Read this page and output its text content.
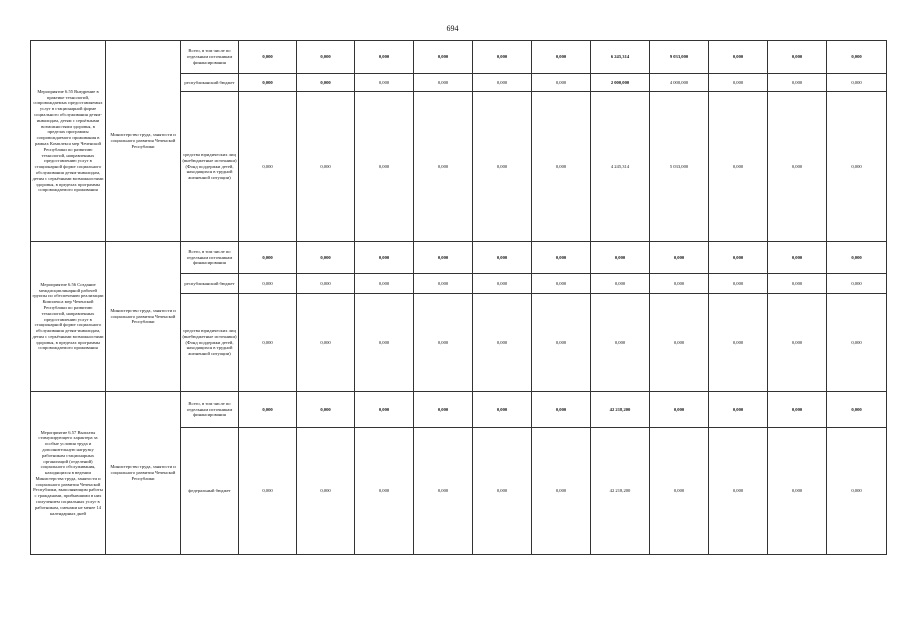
694
Мероприятие 6.55 Внедрение в практике технологий, сопровождаемых предоставляемых услуг в стационарной форме социального обслуживания детям-инвалидам, детям с серьёзными возможностями здоровья, в пределах программы сопровождаемого проживания в рамках Комплекса мер Чеченской Республики по развитию технологий, направленных предоставлению услуг в стационарной форме социального обслуживания детям-инвалидам, детям с серьёзными возможностями здоровья, в пределах программы сопровождаемого проживания	Министерство труда, занятости и социального развития Чеченской Республики	Всего, в том числе по отдельным источникам финансирования	0,000	0,000	0,000	0,000	0,000	0,000	6 245,314	9 033,000	0,000	0,000	0,000
		республиканский бюджет	0,000	0,000	0,000	0,000	0,000	0,000	2 000,000	4 000,000	0,000	0,000	0,000
		средства юридических лиц (внебюджетные источники) (Фонд поддержки детей, находящихся в трудной жизненной ситуации)	0,000	0,000	0,000	0,000	0,000	0,000	4 245,314	5 033,000	0,000	0,000	0,000
Мероприятие 6.56 Создание междисциплинарной рабочей группы по обеспечению реализации Комплекса мер Чеченской Республики по развитию технологий, направленных предоставлению услуг в стационарной форме социального обслуживания детям-инвалидам, детям с серьёзными возможностями здоровья, в пределах программы сопровождаемого проживания	Министерство труда, занятости и социального развития Чеченской Республики	Всего, в том числе по отдельным источникам финансирования	0,000	0,000	0,000	0,000	0,000	0,000	0,000	0,000	0,000	0,000	0,000
		республиканский бюджет	0,000	0,000	0,000	0,000	0,000	0,000	0,000	0,000	0,000	0,000	0,000
		средства юридических лиц (внебюджетные источники) (Фонд поддержки детей, находящихся в трудной жизненной ситуации)	0,000	0,000	0,000	0,000	0,000	0,000	0,000	0,000	0,000	0,000	0,000
Мероприятие 6.57 Выплаты стимулирующего характера за особые условия труда и дополнительную нагрузку работникам стационарных организаций (отделений) социального обслуживания, находящихся в ведении Министерства труда, занятости и социального развития Чеченской Республики, выполняющим работы с гражданами, прибывшими в них получением социальных услуг в работникам, сменами не менее 14 календарных дней	Министерство труда, занятости и социального развития Чеченской Республики	Всего, в том числе по отдельным источникам финансирования	0,000	0,000	0,000	0,000	0,000	0,000	42 218,200	0,000	0,000	0,000	0,000
		федеральный бюджет	0,000	0,000	0,000	0,000	0,000	0,000	42 218,200	0,000	0,000	0,000	0,000
